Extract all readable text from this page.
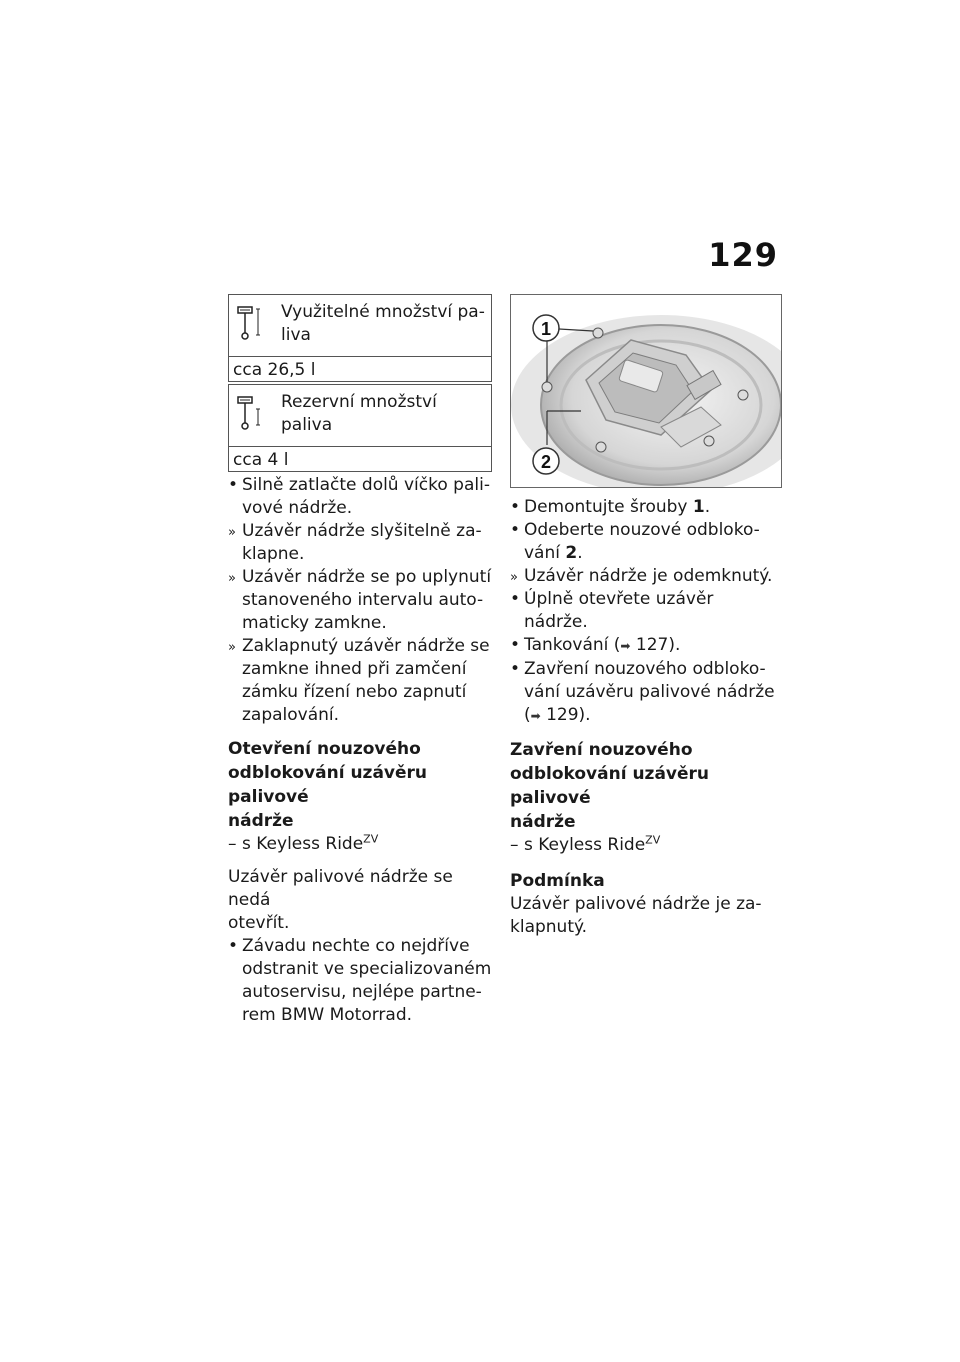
129
Využitelné množství pa-
liva
cca 26,5 l
Rezervní množství paliva
cca 4 l
• Silně zatlačte dolů víčko pali-
vové nádrže.
» Uzávěr nádrže slyšitelně za-
klapne.
» Uzávěr nádrže se po uplynutí
stanoveného intervalu auto-
maticky zamkne.
» Zaklapnutý uzávěr nádrže se
zamkne ihned při zamčení
zámku řízení nebo zapnutí
zapalování.
Otevření nouzového
odblokování uzávěru palivové
nádrže
– s Keyless Ride$^{ZV}$
Uzávěr palivové nádrže se nedá
otevřít.
• Závadu nechte co nejdříve
odstranit ve specializovaném
autoservisu, nejlépe partne-
rem BMW Motorrad.
1
2
• Demontujte šrouby 1.
• Odeberte nouzové odbloko-
vání 2.
» Uzávěr nádrže je odemknutý.
• Úplně otevřete uzávěr nádrže.
• Tankování (➡ 127).
• Zavření nouzového odbloko-
vání uzávěru palivové nádrže
(➡ 129).
Zavření nouzového
odblokování uzávěru palivové
nádrže
– s Keyless Ride$^{ZV}$
Podmínka
Uzávěr palivové nádrže je za-
klapnutý.
